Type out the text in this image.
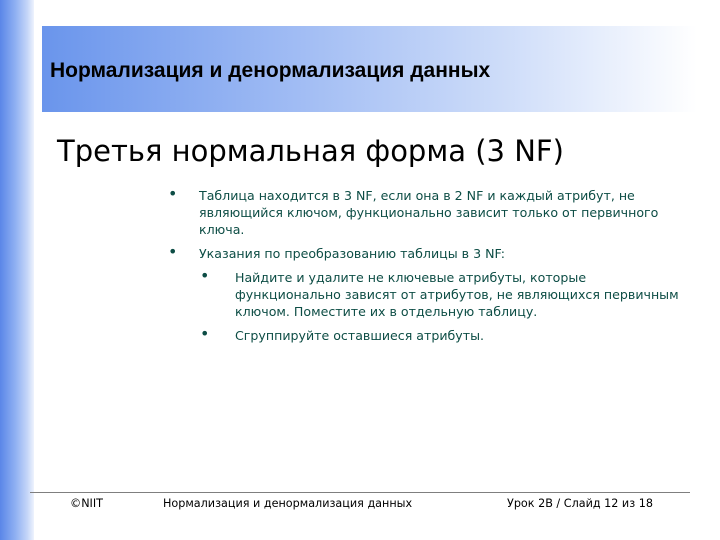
Нормализация и денормализация данных
Третья нормальная форма (3 NF)
• Таблица находится в 3 NF, если она в 2 NF и каждый атрибут, не являющийся ключом, функционально зависит только от первичного ключа.
• Указания по преобразованию таблицы в 3 NF:
• Найдите и удалите не ключевые атрибуты, которые функционально зависят от атрибутов, не являющихся первичным ключом. Поместите их в отдельную таблицу.
• Сгруппируйте оставшиеся атрибуты.
©NIIT	Нормализация и денормализация данных	Урок 2В / Слайд 12 из 18
